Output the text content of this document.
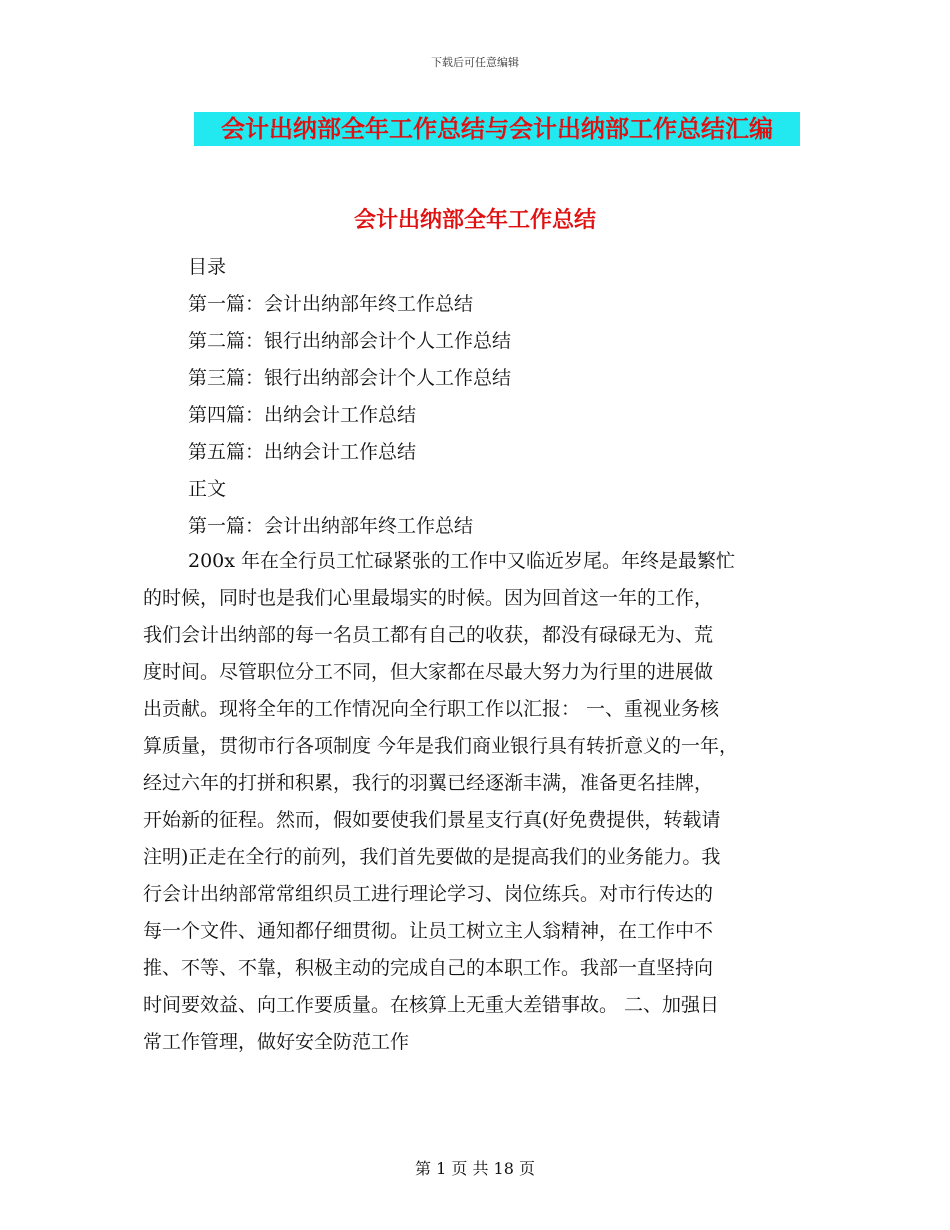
下载后可任意编辑
会计出纳部全年工作总结与会计出纳部工作总结汇编
会计出纳部全年工作总结
目录
第一篇：会计出纳部年终工作总结
第二篇：银行出纳部会计个人工作总结
第三篇：银行出纳部会计个人工作总结
第四篇：出纳会计工作总结
第五篇：出纳会计工作总结
正文
第一篇：会计出纳部年终工作总结
200x 年在全行员工忙碌紧张的工作中又临近岁尾。年终是最繁忙
的时候，同时也是我们心里最塌实的时候。因为回首这一年的工作，
我们会计出纳部的每一名员工都有自己的收获，都没有碌碌无为、荒
度时间。尽管职位分工不同，但大家都在尽最大努力为行里的进展做
出贡献。现将全年的工作情况向全行职工作以汇报： 一、重视业务核
算质量，贯彻市行各项制度 今年是我们商业银行具有转折意义的一年，
经过六年的打拼和积累，我行的羽翼已经逐渐丰满，准备更名挂牌，
开始新的征程。然而，假如要使我们景星支行真(好免费提供，转载请
注明)正走在全行的前列，我们首先要做的是提高我们的业务能力。我
行会计出纳部常常组织员工进行理论学习、岗位练兵。对市行传达的
每一个文件、通知都仔细贯彻。让员工树立主人翁精神，在工作中不
推、不等、不靠，积极主动的完成自己的本职工作。我部一直坚持向
时间要效益、向工作要质量。在核算上无重大差错事故。 二、加强日
常工作管理，做好安全防范工作
第 1 页 共 18 页
